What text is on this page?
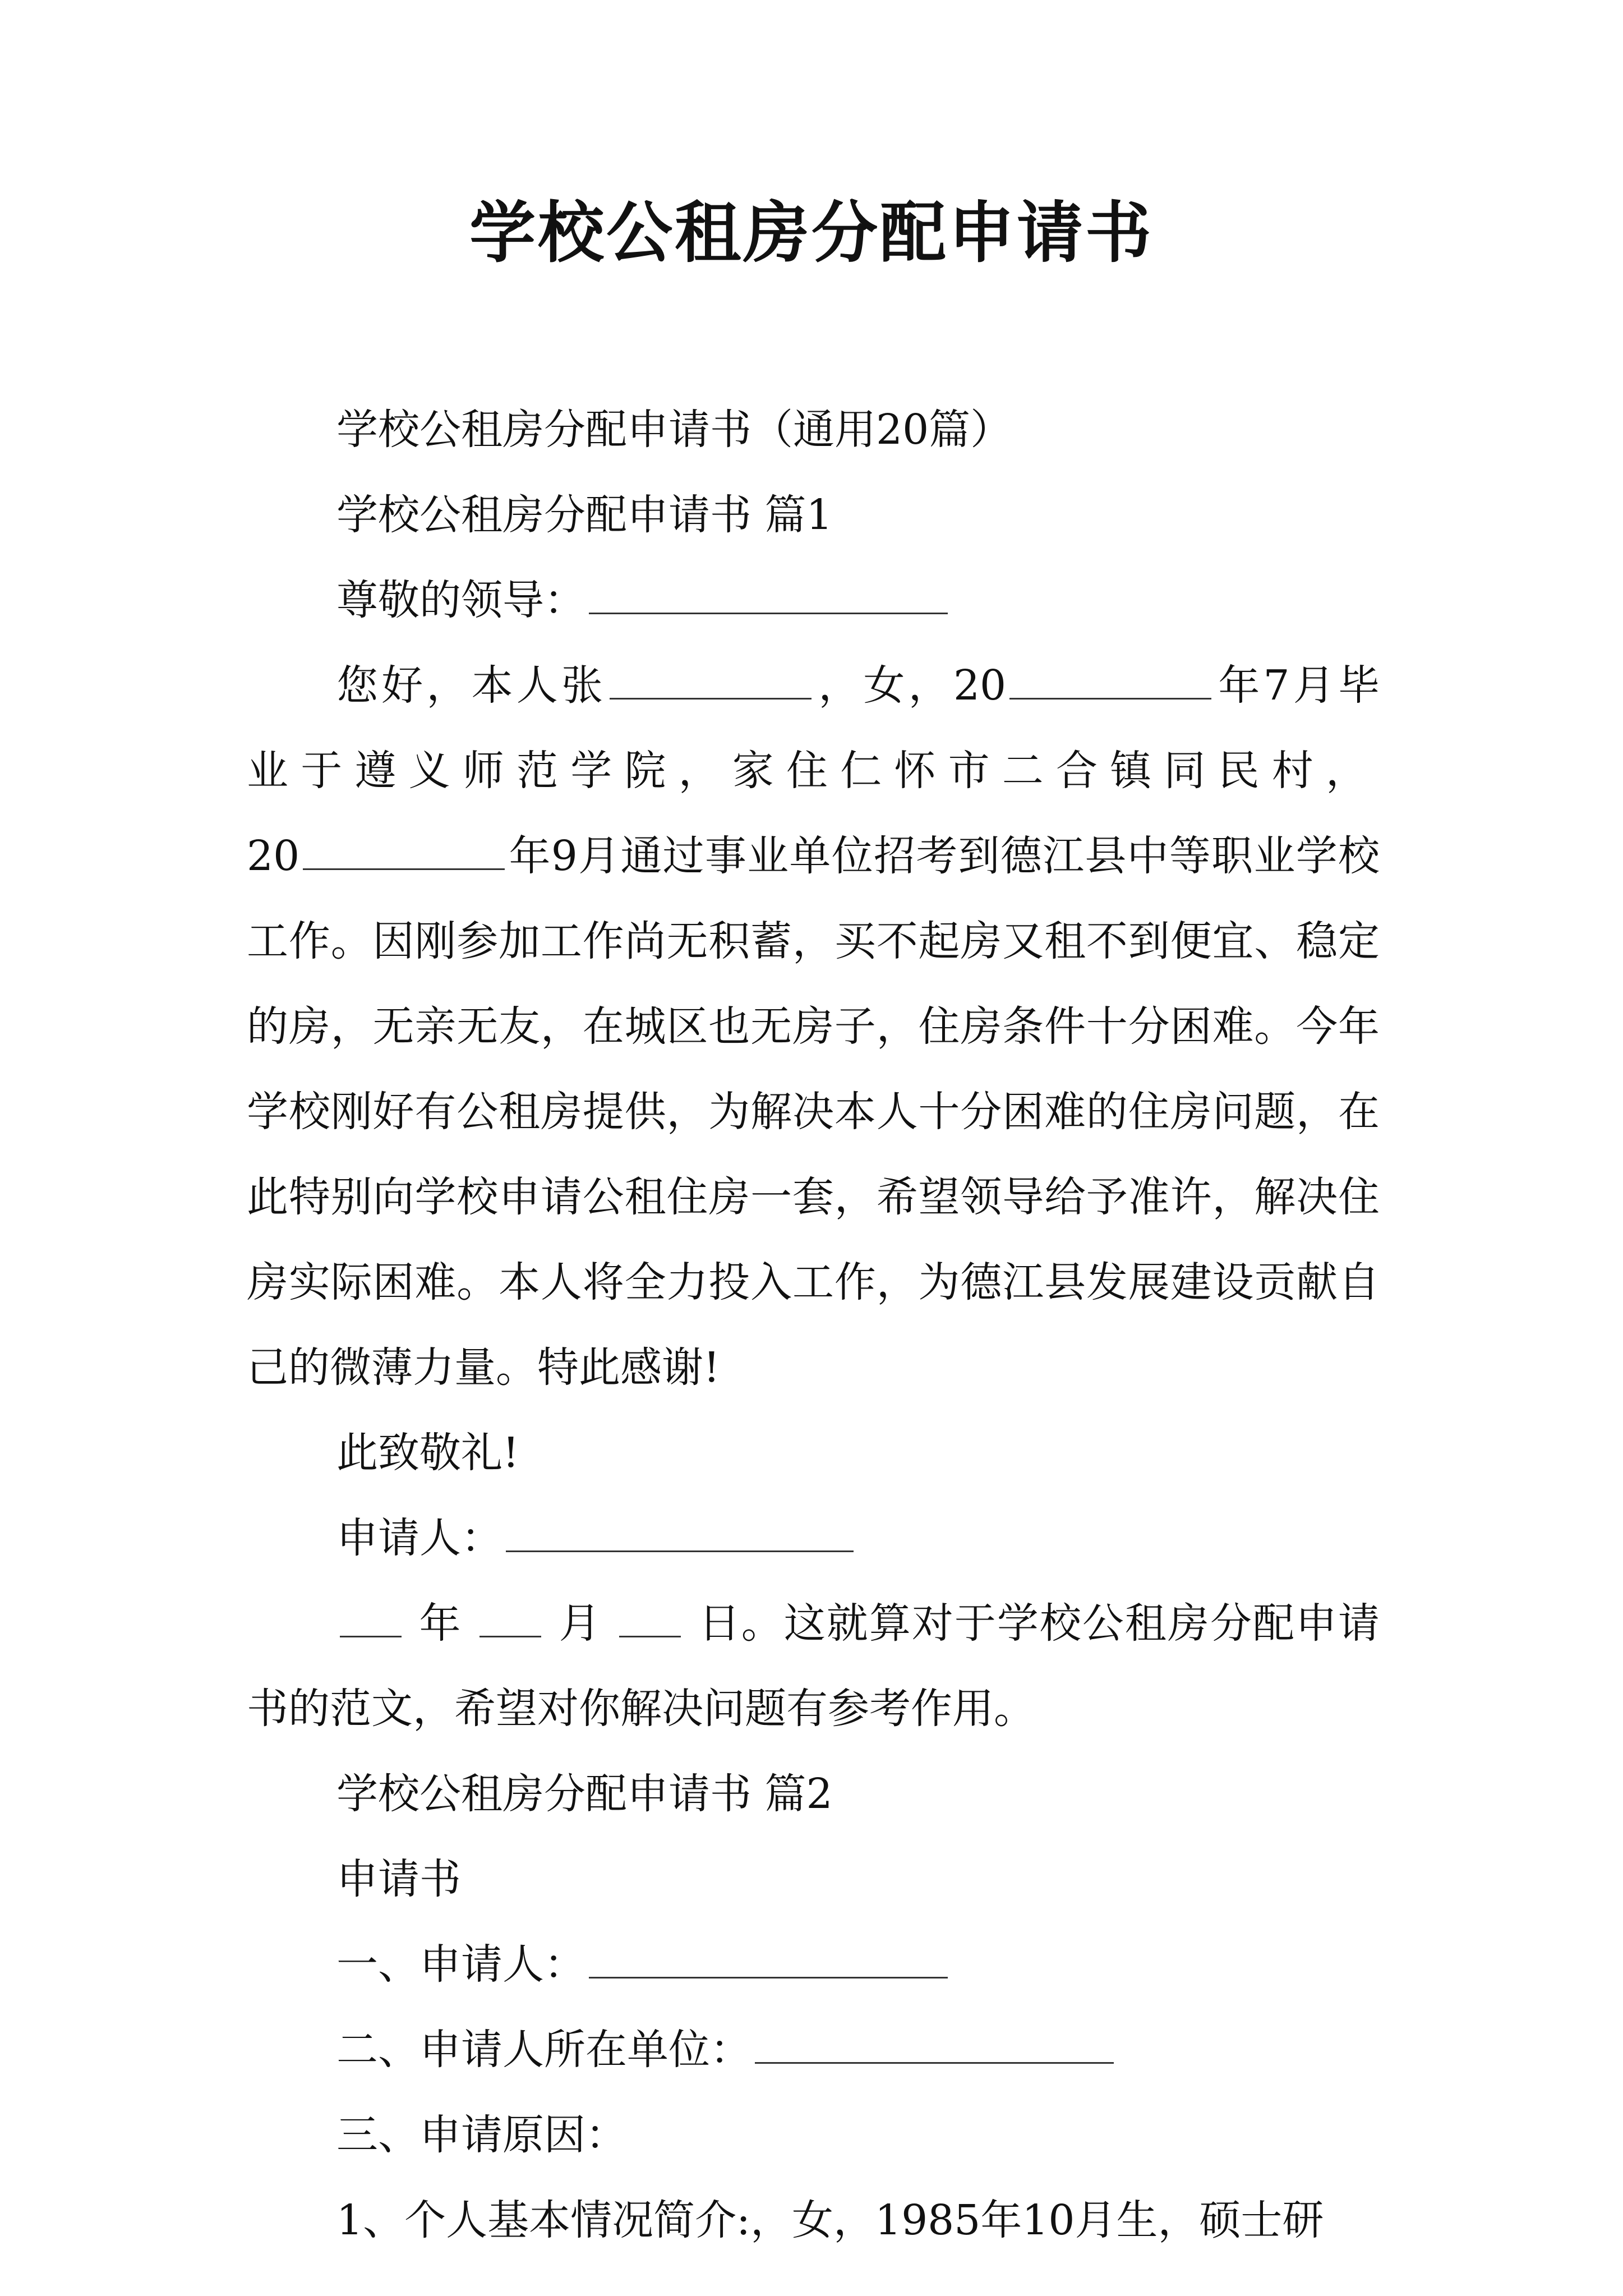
学校公租房分配申请书

学校公租房分配申请书（通用20篇）

学校公租房分配申请书 篇1

尊敬的领导：

您好，本人张	，女，20	年7月毕业于遵义师范学院，家住仁怀市二合镇同民村，20	年9月通过事业单位招考到德江县中等职业学校工作。因刚参加工作尚无积蓄，买不起房又租不到便宜、稳定的房，无亲无友，在城区也无房子，住房条件十分困难。今年学校刚好有公租房提供，为解决本人十分困难的住房问题，在此特别向学校申请公租住房一套，希望领导给予准许，解决住房实际困难。本人将全力投入工作，为德江县发展建设贡献自己的微薄力量。特此感谢!

此致敬礼!

申请人：

年 月 日。这就算对于学校公租房分配申请书的范文，希望对你解决问题有参考作用。

学校公租房分配申请书 篇2

申请书

一、申请人：

二、申请人所在单位：

三、申请原因：

1、个人基本情况简介:，女，1985年10月生，硕士研
